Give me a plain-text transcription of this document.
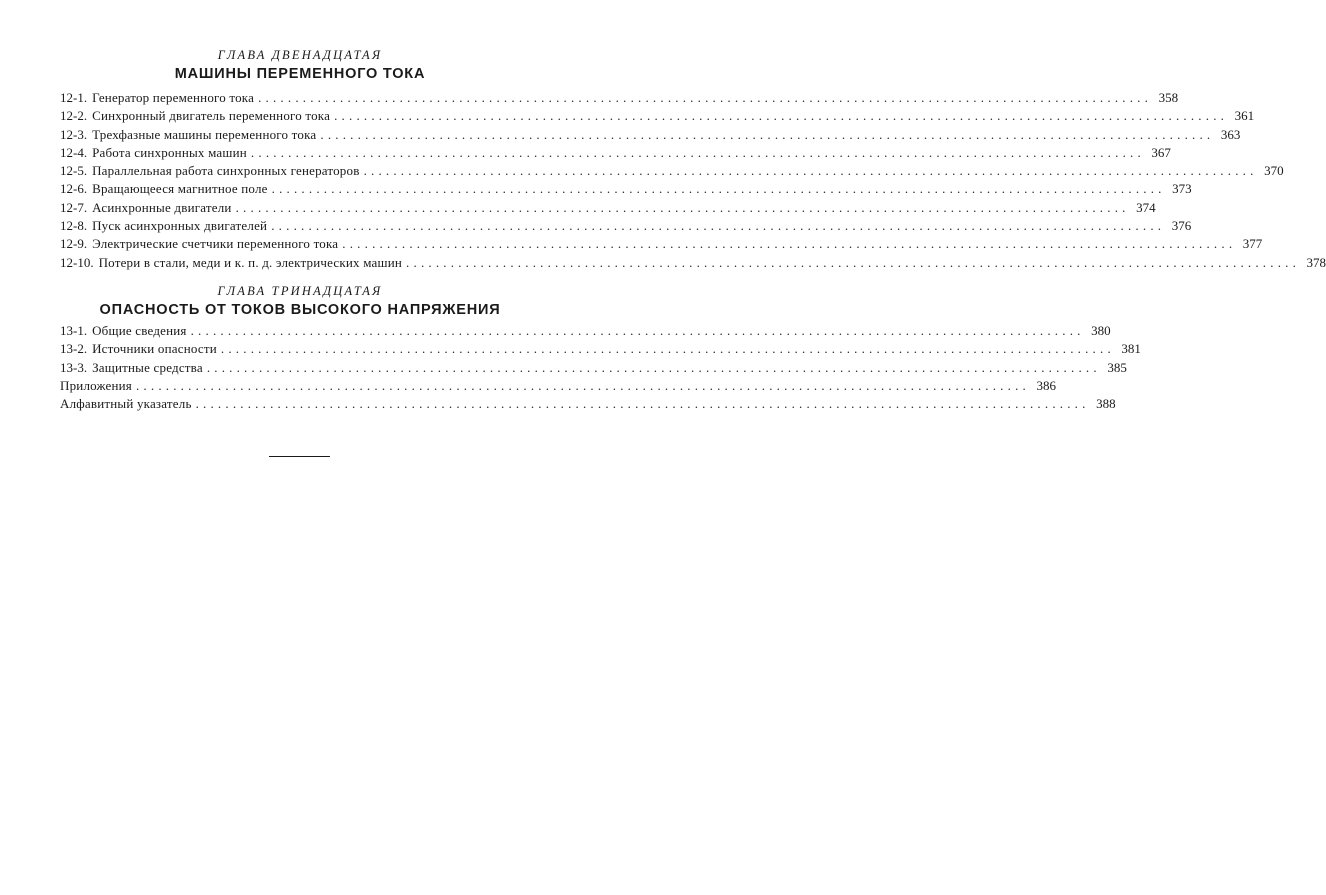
ГЛАВА ДВЕНАДЦАТАЯ
МАШИНЫ ПЕРЕМЕННОГО ТОКА
12-1. Генератор переменного тока ........................................................................................................................ 358
12-2. Синхронный двигатель переменного тока ........................................................................................................................ 361
12-3. Трехфазные машины переменного тока ........................................................................................................................ 363
12-4. Работа синхронных машин ........................................................................................................................ 367
12-5. Параллельная работа синхронных генераторов ........................................................................................................................ 370
12-6. Вращающееся магнитное поле ........................................................................................................................ 373
12-7. Асинхронные двигатели ........................................................................................................................ 374
12-8. Пуск асинхронных двигателей ........................................................................................................................ 376
12-9. Электрические счетчики переменного тока ........................................................................................................................ 377
12-10. Потери в стали, меди и к. п. д. электрических машин ........................................................................................................................ 378
ГЛАВА ТРИНАДЦАТАЯ
ОПАСНОСТЬ ОТ ТОКОВ ВЫСОКОГО НАПРЯЖЕНИЯ
13-1. Общие сведения ........................................................................................................................ 380
13-2. Источники опасности ........................................................................................................................ 381
13-3. Защитные средства ........................................................................................................................ 385
Приложения ........................................................................................................................ 386
Алфавитный указатель ........................................................................................................................ 388
